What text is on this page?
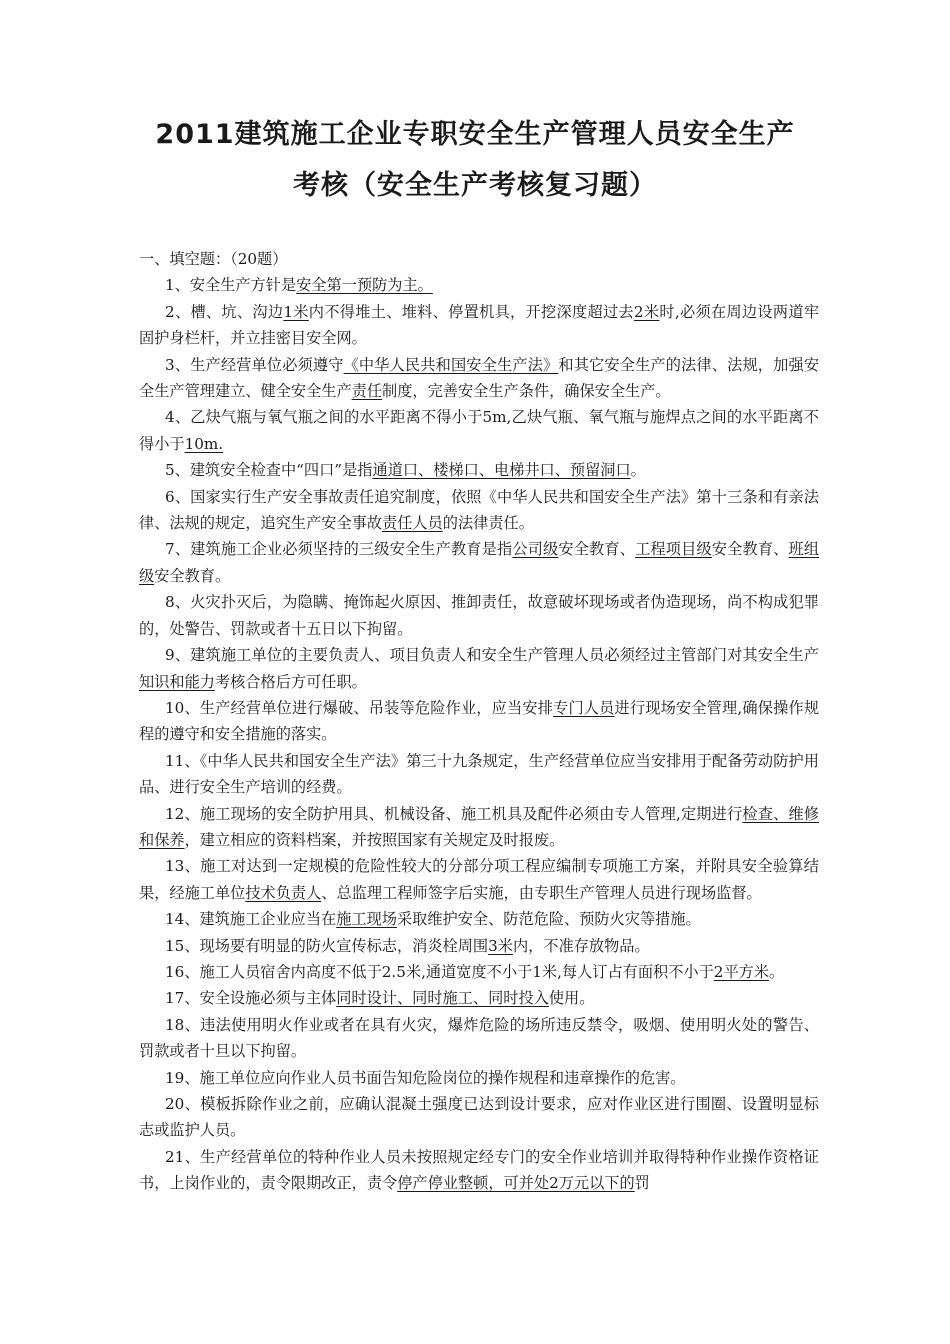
2011建筑施工企业专职安全生产管理人员安全生产
考核（安全生产考核复习题）

一、填空题：（20题）

1、安全生产方针是安全第一预防为主。

2、槽、坑、沟边1米内不得堆土、堆料、停置机具，开挖深度超过去2米时,必须在周边设两道牢固护身栏杆，并立挂密目安全网。

3、生产经营单位必须遵守《中华人民共和国安全生产法》和其它安全生产的法律、法规，加强安全生产管理建立、健全安全生产责任制度，完善安全生产条件，确保安全生产。

4、乙炔气瓶与氧气瓶之间的水平距离不得小于5m,乙炔气瓶、氧气瓶与施焊点之间的水平距离不得小于10m.

5、建筑安全检查中“四口”是指通道口、楼梯口、电梯井口、预留洞口。

6、国家实行生产安全事故责任追究制度，依照《中华人民共和国安全生产法》第十三条和有亲法律、法规的规定，追究生产安全事故责任人员的法律责任。

7、建筑施工企业必须坚持的三级安全生产教育是指公司级安全教育、工程项目级安全教育、班组级安全教育。

8、火灾扑灭后，为隐瞒、掩饰起火原因、推卸责任，故意破坏现场或者伪造现场，尚不构成犯罪的，处警告、罚款或者十五日以下拘留。

9、建筑施工单位的主要负责人、项目负责人和安全生产管理人员必须经过主管部门对其安全生产知识和能力考核合格后方可任职。

10、生产经营单位进行爆破、吊装等危险作业，应当安排专门人员进行现场安全管理,确保操作规程的遵守和安全措施的落实。

11、《中华人民共和国安全生产法》第三十九条规定，生产经营单位应当安排用于配备劳动防护用品、进行安全生产培训的经费。

12、施工现场的安全防护用具、机械设备、施工机具及配件必须由专人管理,定期进行检查、维修和保养，建立相应的资料档案，并按照国家有关规定及时报废。

13、施工对达到一定规模的危险性较大的分部分项工程应编制专项施工方案，并附具安全验算结果，经施工单位技术负责人、总监理工程师签字后实施，由专职生产管理人员进行现场监督。

14、建筑施工企业应当在施工现场采取维护安全、防范危险、预防火灾等措施。

15、现场要有明显的防火宣传标志，消炎栓周围3米内，不准存放物品。

16、施工人员宿舍内高度不低于2.5米,通道宽度不小于1米,每人订占有面积不小于2平方米。

17、安全设施必须与主体同时设计、同时施工、同时投入使用。

18、违法使用明火作业或者在具有火灾，爆炸危险的场所违反禁令，吸烟、使用明火处的警告、罚款或者十旦以下拘留。

19、施工单位应向作业人员书面告知危险岗位的操作规程和违章操作的危害。

20、模板拆除作业之前，应确认混凝土强度已达到设计要求，应对作业区进行围圈、设置明显标志或监护人员。

21、生产经营单位的特种作业人员未按照规定经专门的安全作业培训并取得特种作业操作资格证书，上岗作业的，责令限期改正，责令停产停业整顿，可并处2万元以下的罚
